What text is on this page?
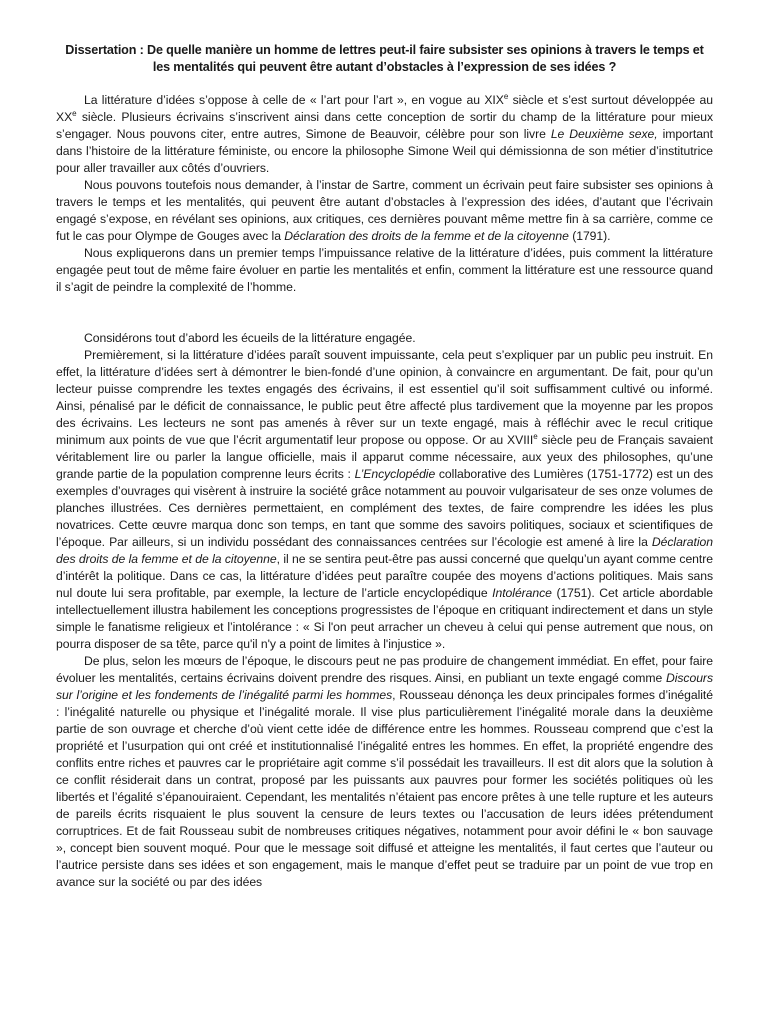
Dissertation : De quelle manière un homme de lettres peut-il faire subsister ses opinions à travers le temps et les mentalités qui peuvent être autant d’obstacles à l’expression de ses idées ?

La littérature d’idées s’oppose à celle de « l’art pour l’art », en vogue au XIXe siècle et s’est surtout développée au XXe siècle. Plusieurs écrivains s’inscrivent ainsi dans cette conception de sortir du champ de la littérature pour mieux s’engager. Nous pouvons citer, entre autres, Simone de Beauvoir, célèbre pour son livre Le Deuxième sexe, important dans l’histoire de la littérature féministe, ou encore la philosophe Simone Weil qui démissionna de son métier d’institutrice pour aller travailler aux côtés d’ouvriers.

Nous pouvons toutefois nous demander, à l’instar de Sartre, comment un écrivain peut faire subsister ses opinions à travers le temps et les mentalités, qui peuvent être autant d’obstacles à l’expression des idées, d’autant que l’écrivain engagé s’expose, en révélant ses opinions, aux critiques, ces dernières pouvant même mettre fin à sa carrière, comme ce fut le cas pour Olympe de Gouges avec la Déclaration des droits de la femme et de la citoyenne (1791).

Nous expliquerons dans un premier temps l’impuissance relative de la littérature d’idées, puis comment la littérature engagée peut tout de même faire évoluer en partie les mentalités et enfin, comment la littérature est une ressource quand il s’agit de peindre la complexité de l’homme.

Considérons tout d’abord les écueils de la littérature engagée.

Premièrement, si la littérature d’idées paraît souvent impuissante, cela peut s’expliquer par un public peu instruit. En effet, la littérature d’idées sert à démontrer le bien-fondé d’une opinion, à convaincre en argumentant. De fait, pour qu’un lecteur puisse comprendre les textes engagés des écrivains, il est essentiel qu’il soit suffisamment cultivé ou informé. Ainsi, pénalisé par le déficit de connaissance, le public peut être affecté plus tardivement que la moyenne par les propos des écrivains. Les lecteurs ne sont pas amenés à rêver sur un texte engagé, mais à réfléchir avec le recul critique minimum aux points de vue que l’écrit argumentatif leur propose ou oppose. Or au XVIIIe siècle peu de Français savaient véritablement lire ou parler la langue officielle, mais il apparut comme nécessaire, aux yeux des philosophes, qu’une grande partie de la population comprenne leurs écrits : L’Encyclopédie collaborative des Lumières (1751-1772) est un des exemples d’ouvrages qui visèrent à instruire la société grâce notamment au pouvoir vulgarisateur de ses onze volumes de planches illustrées. Ces dernières permettaient, en complément des textes, de faire comprendre les idées les plus novatrices. Cette œuvre marqua donc son temps, en tant que somme des savoirs politiques, sociaux et scientifiques de l’époque. Par ailleurs, si un individu possédant des connaissances centrées sur l’écologie est amené à lire la Déclaration des droits de la femme et de la citoyenne, il ne se sentira peut-être pas aussi concerné que quelqu’un ayant comme centre d’intérêt la politique. Dans ce cas, la littérature d’idées peut paraître coupée des moyens d’actions politiques. Mais sans nul doute lui sera profitable, par exemple, la lecture de l’article encyclopédique Intolérance (1751). Cet article abordable intellectuellement illustra habilement les conceptions progressistes de l’époque en critiquant indirectement et dans un style simple le fanatisme religieux et l’intolérance : « Si l'on peut arracher un cheveu à celui qui pense autrement que nous, on pourra disposer de sa tête, parce qu'il n'y a point de limites à l'injustice ».

De plus, selon les mœurs de l’époque, le discours peut ne pas produire de changement immédiat. En effet, pour faire évoluer les mentalités, certains écrivains doivent prendre des risques. Ainsi, en publiant un texte engagé comme Discours sur l’origine et les fondements de l’inégalité parmi les hommes, Rousseau dénonça les deux principales formes d’inégalité : l’inégalité naturelle ou physique et l’inégalité morale. Il vise plus particulièrement l’inégalité morale dans la deuxième partie de son ouvrage et cherche d’où vient cette idée de différence entre les hommes. Rousseau comprend que c’est la propriété et l’usurpation qui ont créé et institutionnalisé l’inégalité entres les hommes. En effet, la propriété engendre des conflits entre riches et pauvres car le propriétaire agit comme s’il possédait les travailleurs. Il est dit alors que la solution à ce conflit résiderait dans un contrat, proposé par les puissants aux pauvres pour former les sociétés politiques où les libertés et l’égalité s’épanouiraient. Cependant, les mentalités n’étaient pas encore prêtes à une telle rupture et les auteurs de pareils écrits risquaient le plus souvent la censure de leurs textes ou l’accusation de leurs idées prétendument corruptrices. Et de fait Rousseau subit de nombreuses critiques négatives, notamment pour avoir défini le « bon sauvage », concept bien souvent moqué. Pour que le message soit diffusé et atteigne les mentalités, il faut certes que l’auteur ou l’autrice persiste dans ses idées et son engagement, mais le manque d’effet peut se traduire par un point de vue trop en avance sur la société ou par des idées
